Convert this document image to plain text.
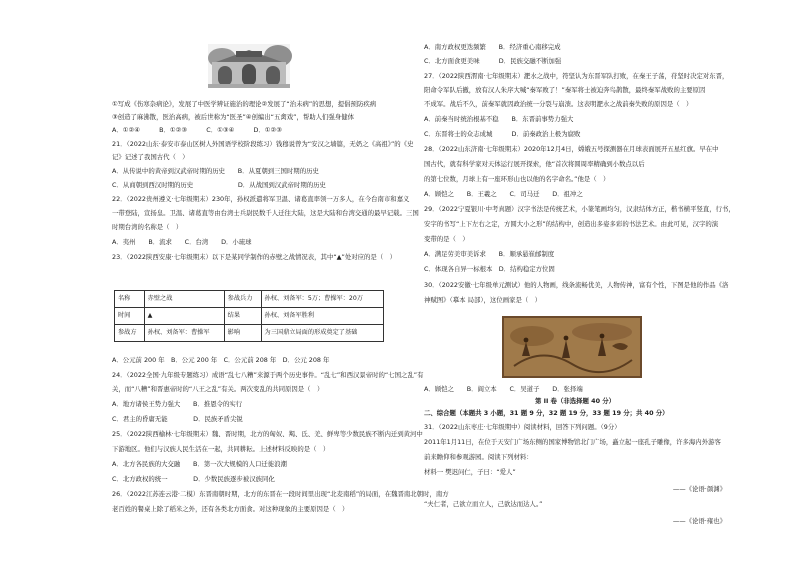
①写成《伤寒杂病论》，发展了中医学辨证施治的理论②发展了“治未病”的思想，提倡预防疾病
③创造了麻沸散，医治高病，被后世称为“医圣”④创编出“五禽戏”，帮助人们强身健体
A．①②④　　　B．①②③　　　C．①③④　　　D．①②③
21．（2022山东·泰安市泰山区树人外国语学校阶段练习）钱穆说曾为“安汉之墙篇，无奶之《高祖》”的《史
记》记述了我国古代（　）
A．从传说中的黄帝到汉武帝时期的历史　　B．从夏朝到三国时期的历史
C．从商朝到西汉时期的历史　　　　　　　D．从战国到汉武帝时期的历史
22．（2022贵州遵义·七年级期末）230年，孙权派遣将军卫温、诸葛直率领一万多人，在今台南市和嘉义
一带登陆，宣扬皇。卫温、诸葛直等由台湾士兵尉民数千人迁往大陆，这是大陆和台湾交通的最早记载。三国
时期台湾的名称是（　）
A．夷州　　B．流求　　C．台湾　　D．小琉球
23．（2022陕西安康·七年级期末）以下是某同学制作的赤壁之战情况表，其中“▲”处对应的是（　）
名称	赤壁之战	参战兵力	孙权、刘备军：5万；曹操军：20万
时间	▲	结果	孙权、刘备军胜利
参战方	孙权、刘备军：曹操军	影响	为三国鼎立局面的形成奠定了基础
A．公元前 200 年　B．公元 200 年　C．公元前 208 年　D．公元 208 年
24．（2022全国·九年级专题练习）成语“乱七八糟”来源于两个历史事件。“乱七”和西汉景帝时的“七国之乱”有
关，而“八糟”和晋惠帝时的“八王之乱”有关。两次变乱的共同原因是（　）
A．地方诸侯王势力强大　　B．推恩令的实行
C．君主的昏庸无能　　　　D．民族矛盾尖锐
25．（2022陕西榆林·七年级期末）魏、晋时期，北方的匈奴、羯、氐、羌、鲜卑等少数民族不断内迁到黄河中
下游地区。他们与汉族人民生活在一起，共同耕耘。上述材料反映的是（　）
A．北方各民族的大交融　　B．第一次大规模的人口迁徙浪潮
C．北方政权的统一　　　　D．少数民族逐步被汉族同化
26．（2022江苏连云港·二模）东晋南朝时期，北方的东晋在一段时间里出现“北麦南稻”的局面，在魏晋南北朝时，南方
老百姓的餐桌上除了稻米之外，还有各类北方面食。对这种现象的主要原因是（　）
A．南方政权更迭频繁　　B．经济重心南移完成
C．北方面食更美味　　　D．民族交融不断加强
27．（2022陕西渭南·七年级期末）淝水之战中，符坚认为东晋军队打败，在秦王子荡，苻坚时决定对东晋，
阳命令军队后撤，放有汉人朱序大喊“秦军败了！”秦军将士被迫奔鸟鹊散，最终秦军战败的主要原因
不成军。战后不久，前秦军就因政治统一分裂与崩溃。这表明淝水之战前秦失败的原因是（　）
A．前秦当时统治根基不稳　　B．东晋前事势力强大
C．东晋将士的众志成城　　　D．前秦政治上极为腐败
28．（2022山东济南·七年级期末）2020年12月4日，嫦娥五号探测器在月球表面展开五星红旗。早在中
国古代，就有科学家对天体运行展开探索，他“首次将圆周率精确到小数点以后
的第七位数，月球上有一座环形山也以他的名字命名。”他是（　）
A．顾恺之　　B．王羲之　　C．司马迁　　D．祖冲之
29．（2022宁夏银川·中考真题）汉字书法是传统艺术，小篆笔画均匀，汉隶结体方正，楷书横平竖直，行书，
安字的书写“上下左右之定，方圆大小之形”的结构中，创造出多姿多彩的书法艺术。由此可见，汉字的演
变带的是（　）
A．满足劳美审美诉求　　B．顺承悬崔邮制度
C．体现各自异一标根本　D．结构稳定方位固
30．（2022安徽·七年级单元测试）他的人物画，线条流畅优美，人物传神，富有个性，下图是他的作品《洛
神赋图》（摹本 局部），这位画家是（　）
A．顾恺之　　B．阎立本　　C．吴道子　　D．张择端
第 II 卷（非选择题 40 分）
二、综合题（本题共 3 小题，31 题 9 分，32 题 19 分，33 题 19 分；共 40 分）
31．（2022山东枣庄·七年级期中）阅读材料，回答下列问题。（9分）
2011年1月11日，在位于天安门广场东侧的国家博物馆北门广场，矗立起一座孔子雕像，许多海内外游客
前来瞻仰和参观游园。阅读下列材料：
材料一 樊迟问仁，子曰：“爱人”
——《论语·颜渊》
“夫仁者，己欲立而立人，己欲达而达人。”
——《论语·雍也》
